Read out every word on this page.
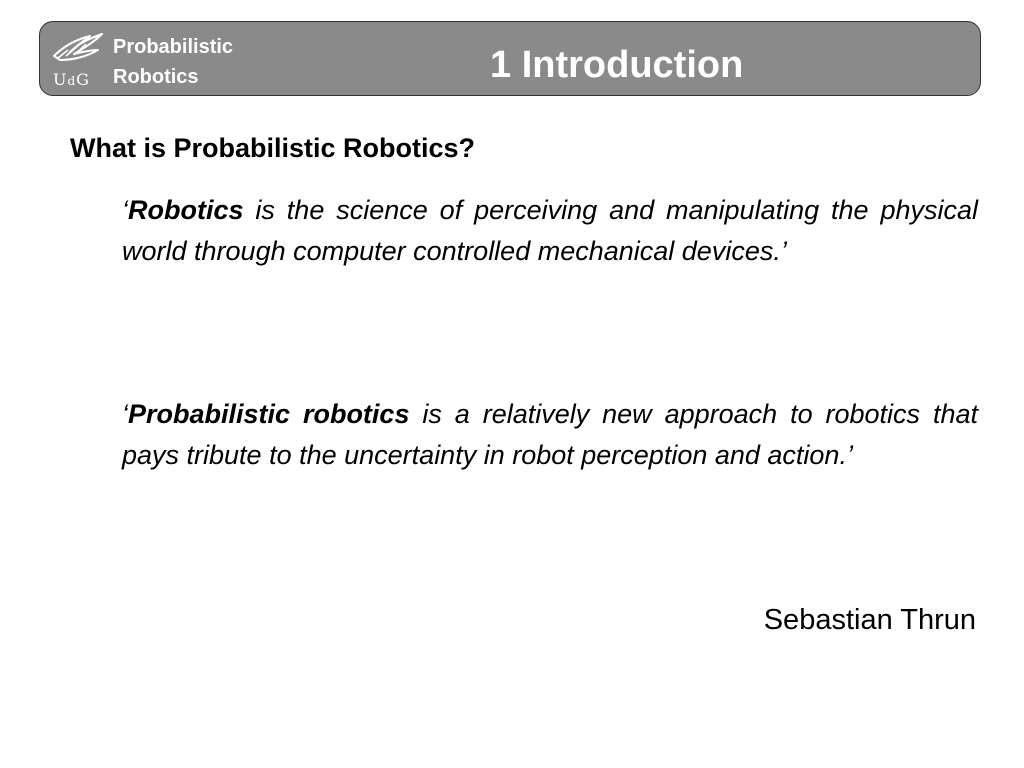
UdG
Probabilistic
Robotics	1 Introduction
What is Probabilistic Robotics?

‘Robotics is the science of perceiving and manipulating the physical world through computer controlled mechanical devices.’

‘Probabilistic robotics is a relatively new approach to robotics that pays tribute to the uncertainty in robot perception and action.’

Sebastian Thrun
